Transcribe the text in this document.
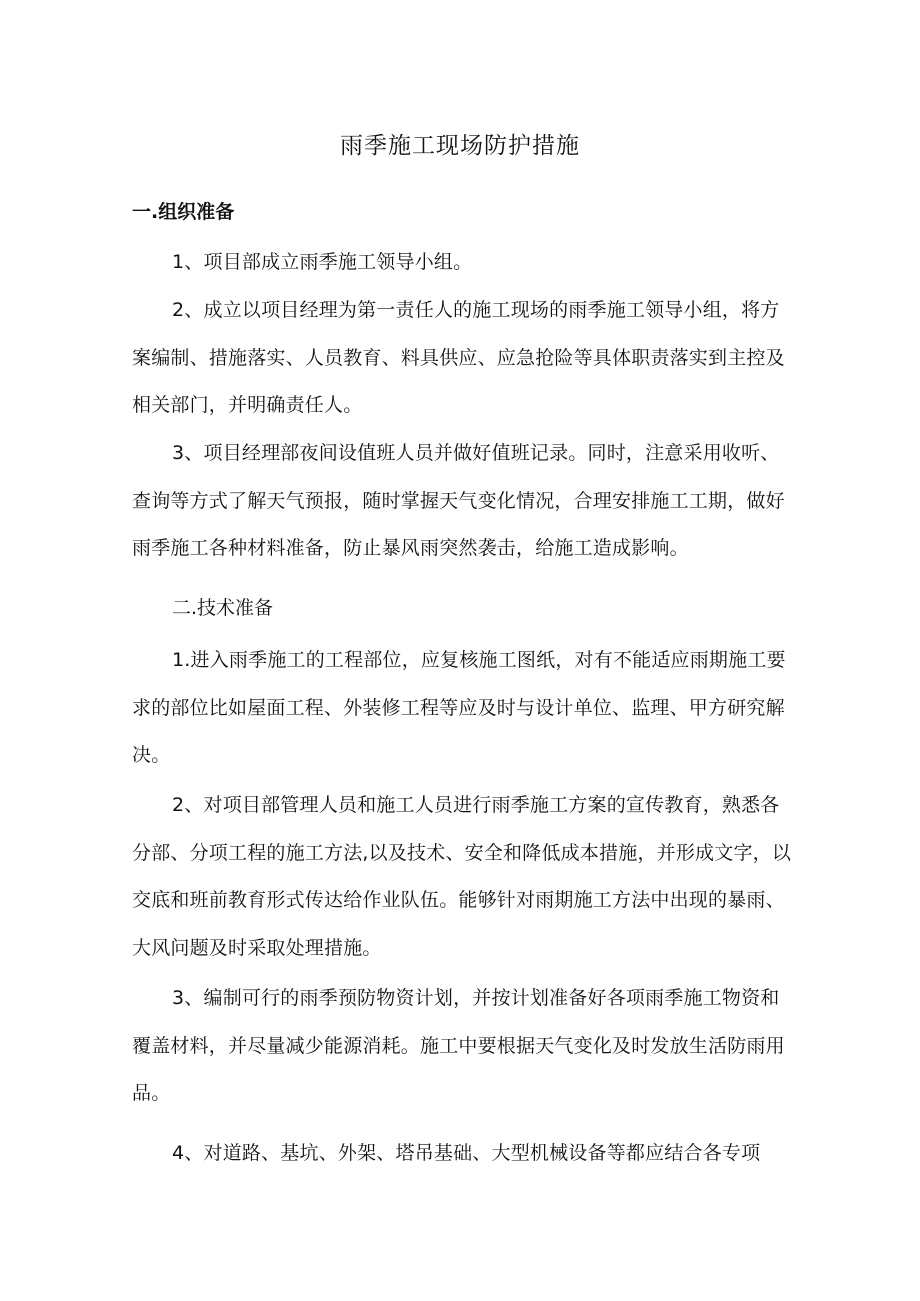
雨季施工现场防护措施
一.组织准备
1、项目部成立雨季施工领导小组。
2、成立以项目经理为第一责任人的施工现场的雨季施工领导小组，将方案编制、措施落实、人员教育、料具供应、应急抢险等具体职责落实到主控及相关部门，并明确责任人。
3、项目经理部夜间设值班人员并做好值班记录。同时，注意采用收听、查询等方式了解天气预报，随时掌握天气变化情况，合理安排施工工期，做好雨季施工各种材料准备，防止暴风雨突然袭击，给施工造成影响。
二.技术准备
1.进入雨季施工的工程部位，应复核施工图纸，对有不能适应雨期施工要求的部位比如屋面工程、外装修工程等应及时与设计单位、监理、甲方研究解决。
2、对项目部管理人员和施工人员进行雨季施工方案的宣传教育，熟悉各分部、分项工程的施工方法,以及技术、安全和降低成本措施，并形成文字，以交底和班前教育形式传达给作业队伍。能够针对雨期施工方法中出现的暴雨、大风问题及时采取处理措施。
3、编制可行的雨季预防物资计划，并按计划准备好各项雨季施工物资和覆盖材料，并尽量减少能源消耗。施工中要根据天气变化及时发放生活防雨用品。
4、对道路、基坑、外架、塔吊基础、大型机械设备等都应结合各专项
